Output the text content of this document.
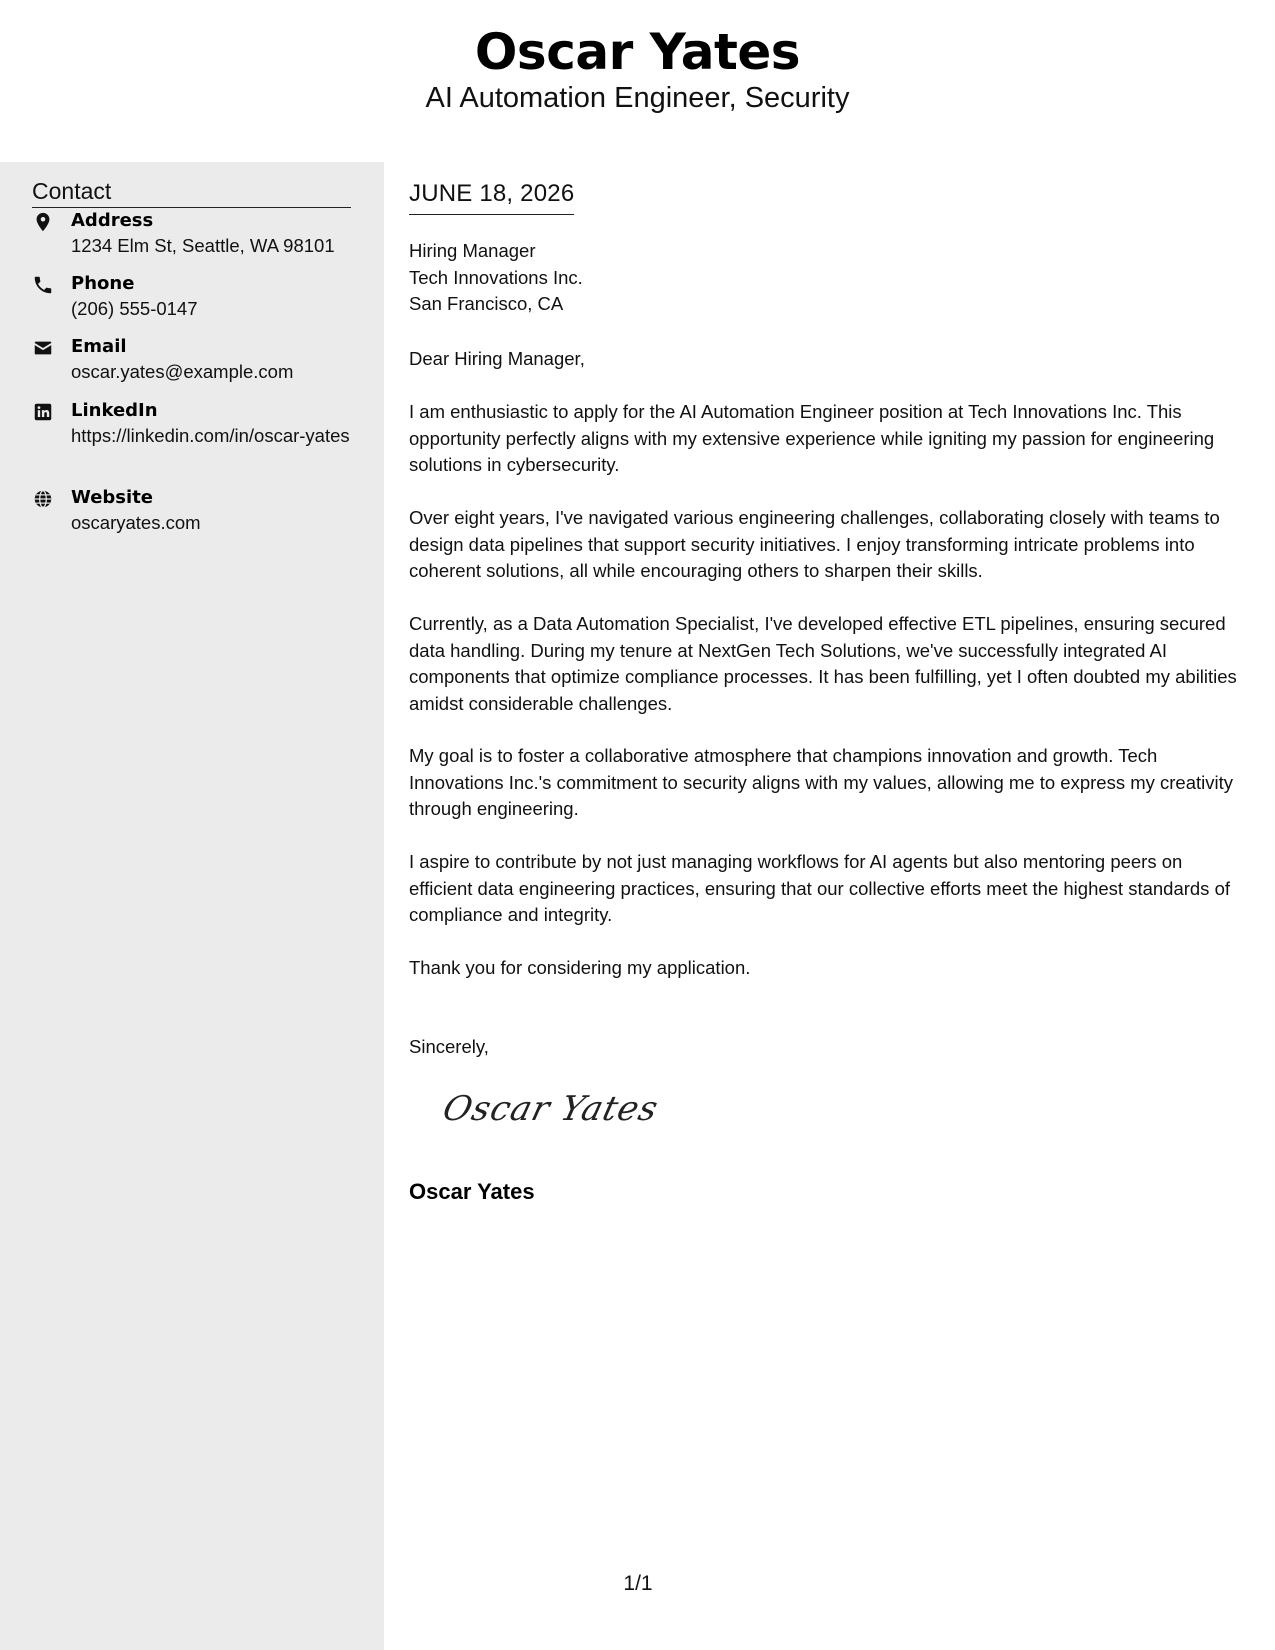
Oscar Yates
AI Automation Engineer, Security
Contact
Address
1234 Elm St, Seattle, WA 98101
Phone
(206) 555-0147
Email
oscar.yates@example.com
LinkedIn
https://linkedin.com/in/oscar-yates
Website
oscaryates.com
JUNE 18, 2026
Hiring Manager
Tech Innovations Inc.
San Francisco, CA
Dear Hiring Manager,
I am enthusiastic to apply for the AI Automation Engineer position at Tech Innovations Inc. This opportunity perfectly aligns with my extensive experience while igniting my passion for engineering solutions in cybersecurity.
Over eight years, I've navigated various engineering challenges, collaborating closely with teams to design data pipelines that support security initiatives. I enjoy transforming intricate problems into coherent solutions, all while encouraging others to sharpen their skills.
Currently, as a Data Automation Specialist, I've developed effective ETL pipelines, ensuring secured data handling. During my tenure at NextGen Tech Solutions, we've successfully integrated AI components that optimize compliance processes. It has been fulfilling, yet I often doubted my abilities amidst considerable challenges.
My goal is to foster a collaborative atmosphere that champions innovation and growth. Tech Innovations Inc.'s commitment to security aligns with my values, allowing me to express my creativity through engineering.
I aspire to contribute by not just managing workflows for AI agents but also mentoring peers on efficient data engineering practices, ensuring that our collective efforts meet the highest standards of compliance and integrity.
Thank you for considering my application.
Sincerely,
Oscar Yates
Oscar Yates
1/1
